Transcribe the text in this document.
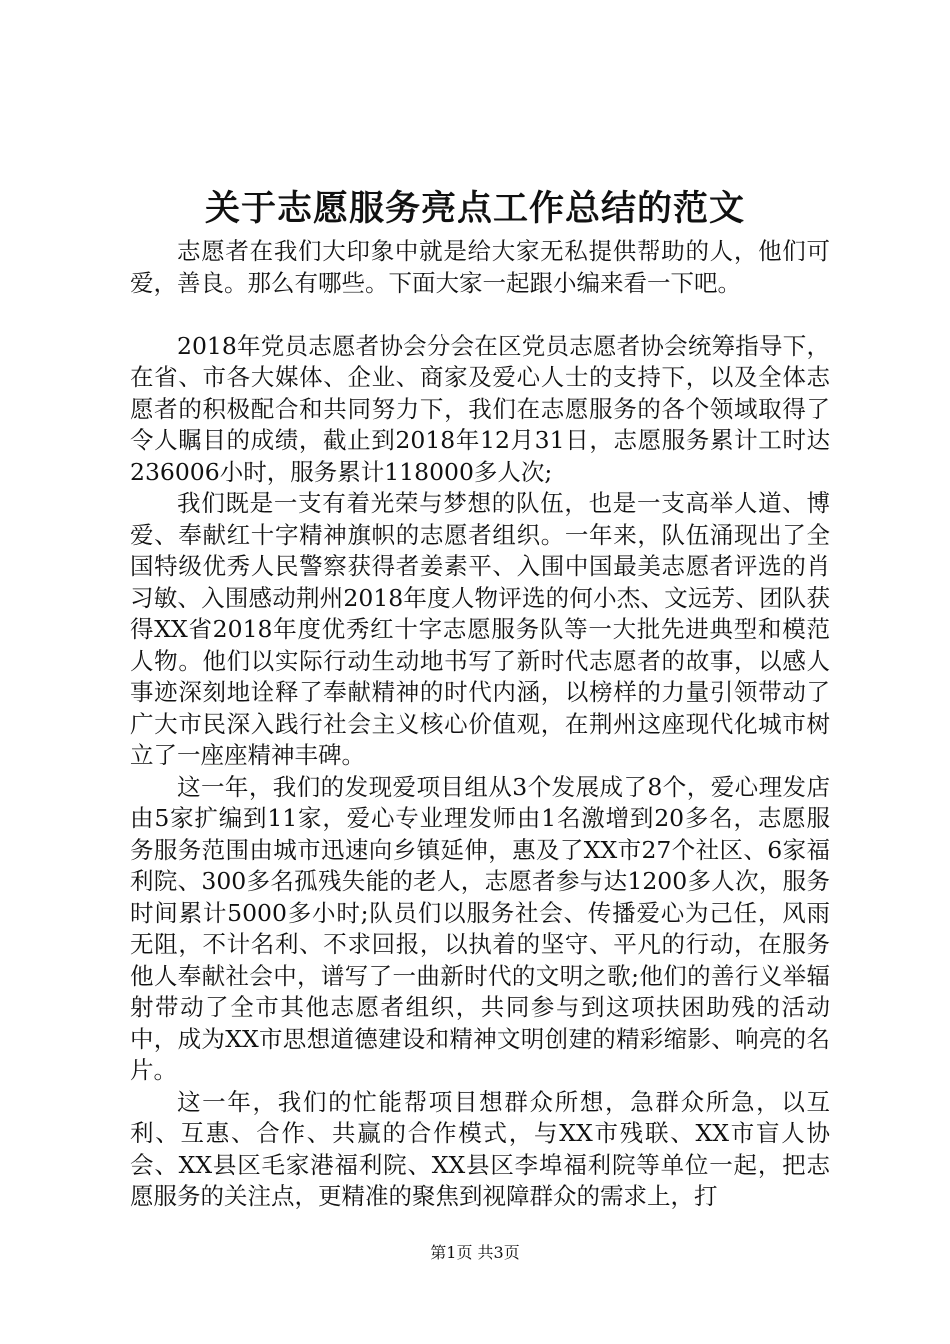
关于志愿服务亮点工作总结的范文

志愿者在我们大印象中就是给大家无私提供帮助的人，他们可爱，善良。那么有哪些。下面大家一起跟小编来看一下吧。

2018年党员志愿者协会分会在区党员志愿者协会统筹指导下，在省、市各大媒体、企业、商家及爱心人士的支持下，以及全体志愿者的积极配合和共同努力下，我们在志愿服务的各个领域取得了令人瞩目的成绩，截止到2018年12月31日，志愿服务累计工时达236006小时，服务累计118000多人次;

我们既是一支有着光荣与梦想的队伍，也是一支高举人道、博爱、奉献红十字精神旗帜的志愿者组织。一年来，队伍涌现出了全国特级优秀人民警察获得者姜素平、入围中国最美志愿者评选的肖习敏、入围感动荆州2018年度人物评选的何小杰、文远芳、团队获得XX省2018年度优秀红十字志愿服务队等一大批先进典型和模范人物。他们以实际行动生动地书写了新时代志愿者的故事，以感人事迹深刻地诠释了奉献精神的时代内涵，以榜样的力量引领带动了广大市民深入践行社会主义核心价值观，在荆州这座现代化城市树立了一座座精神丰碑。

这一年，我们的发现爱项目组从3个发展成了8个，爱心理发店由5家扩编到11家，爱心专业理发师由1名激增到20多名，志愿服务服务范围由城市迅速向乡镇延伸，惠及了XX市27个社区、6家福利院、300多名孤残失能的老人，志愿者参与达1200多人次，服务时间累计5000多小时;队员们以服务社会、传播爱心为己任，风雨无阻，不计名利、不求回报，以执着的坚守、平凡的行动，在服务他人奉献社会中，谱写了一曲新时代的文明之歌;他们的善行义举辐射带动了全市其他志愿者组织，共同参与到这项扶困助残的活动中，成为XX市思想道德建设和精神文明创建的精彩缩影、响亮的名片。

这一年，我们的忙能帮项目想群众所想，急群众所急，以互利、互惠、合作、共赢的合作模式，与XX市残联、XX市盲人协会、XX县区毛家港福利院、XX县区李埠福利院等单位一起，把志愿服务的关注点，更精准的聚焦到视障群众的需求上，打

第1页 共3页
